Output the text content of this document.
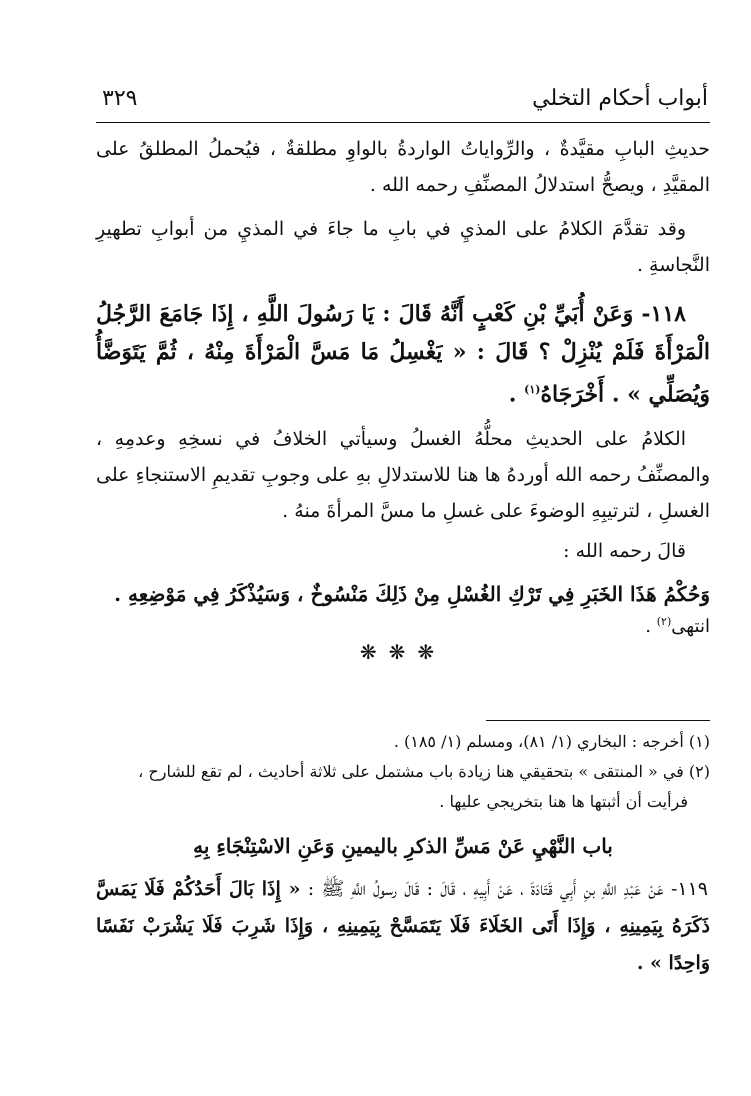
أبواب أحكام التخلي
٣٢٩

حديثِ البابِ مقيَّدةٌ ، والرِّواياتُ الواردةُ بالواوِ مطلقةٌ ، فيُحملُ المطلقُ على المقيَّدِ ، ويصحُّ استدلالُ المصنِّفِ رحمه الله .

وقد تقدَّمَ الكلامُ على المذيِ في بابِ ما جاءَ في المذيِ من أبوابِ تطهيرِ النَّجاسةِ .

١١٨- وَعَنْ أُبَيِّ بْنِ كَعْبٍ أَنَّهُ قَالَ : يَا رَسُولَ اللَّهِ ، إِذَا جَامَعَ الرَّجُلُ الْمَرْأَةَ فَلَمْ يُنْزِلْ ؟ قَالَ : « يَغْسِلُ مَا مَسَّ الْمَرْأَةَ مِنْهُ ، ثُمَّ يَتَوَضَّأُ وَيُصَلِّي » . أَخْرَجَاهُ$^{(١)}$ .

الكلامُ على الحديثِ محلُّهُ الغسلُ وسيأتي الخلافُ في نسخِهِ وعدمِهِ ، والمصنِّفُ رحمه الله أوردهُ ها هنا للاستدلالِ بهِ على وجوبِ تقديمِ الاستنجاءِ على الغسلِ ، لترتيبِهِ الوضوءَ على غسلِ ما مسَّ المرأةَ منهُ .

قالَ رحمه الله :

وَحُكْمُ هَذَا الخَبَرِ فِي تَرْكِ الغُسْلِ مِنْ ذَلِكَ مَنْسُوخٌ ، وَسَيُذْكَرُ فِي مَوْضِعِهِ .

انتهى$^{(٢)}$ .

❋❋❋

(١) أخرجه : البخاري (١/ ٨١)، ومسلم (١/ ١٨٥) .

(٢) في « المنتقى » بتحقيقي هنا زيادة باب مشتمل على ثلاثة أحاديث ، لم تقع للشارح ،

فرأيت أن أثبتها ها هنا بتخريجي عليها .

باب النَّهْيِ عَنْ مَسِّ الذكرِ باليمينِ وَعَنِ الاسْتِنْجَاءِ بِهِ

١١٩- عَنْ عَبْدِ اللَّهِ بنِ أَبِي قَتَادَةَ ، عَنْ أَبِيهِ ، قَالَ : قَالَ رسولُ اللَّهِ ﷺ : « إِذَا بَالَ أَحَدُكُمْ فَلَا يَمَسَّ ذَكَرَهُ بِيَمِينِهِ ، وَإِذَا أَتَى الخَلَاءَ فَلَا يَتَمَسَّحْ بِيَمِينِهِ ، وَإِذَا شَرِبَ فَلَا يَشْرَبْ نَفَسًا وَاحِدًا » .
